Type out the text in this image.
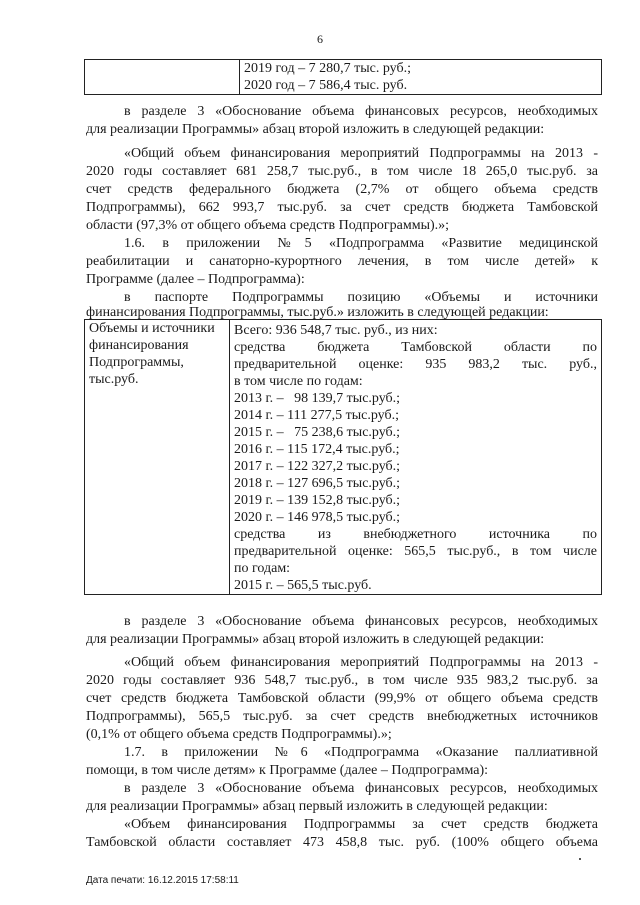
6

2019 год – 7 280,7 тыс. руб.;
2020 год – 7 586,4 тыс. руб.
в разделе 3 «Обоснование объема финансовых ресурсов, необходимых
для реализации Программы» абзац второй изложить в следующей редакции:
«Общий объем финансирования мероприятий Подпрограммы на 2013 -
2020 годы составляет 681 258,7 тыс.руб., в том числе 18 265,0 тыс.руб. за
счет средств федерального бюджета (2,7% от общего объема средств
Подпрограммы), 662 993,7 тыс.руб. за счет средств бюджета Тамбовской
области (97,3% от общего объема средств Подпрограммы).»;
1.6. в приложении №5 «Подпрограмма «Развитие медицинской
реабилитации и санаторно-курортного лечения, в том числе детей» к
Программе (далее – Подпрограмма):
в паспорте Подпрограммы позицию «Объемы и источники
финансирования Подпрограммы, тыс.руб.» изложить в следующей редакции:
Объемы и источники
финансирования
Подпрограммы,
тыс.руб.

Всего: 936 548,7 тыс. руб., из них:
средства бюджета Тамбовской области по
предварительной оценке: 935 983,2 тыс. руб.,
в том числе по годам:
2013 г. –   98 139,7 тыс.руб.;
2014 г. – 111 277,5 тыс.руб.;
2015 г. –   75 238,6 тыс.руб.;
2016 г. – 115 172,4 тыс.руб.;
2017 г. – 122 327,2 тыс.руб.;
2018 г. – 127 696,5 тыс.руб.;
2019 г. – 139 152,8 тыс.руб.;
2020 г. – 146 978,5 тыс.руб.;
средства из внебюджетного источника по
предварительной оценке: 565,5 тыс.руб., в том числе
по годам:
2015 г. – 565,5 тыс.руб.
в разделе 3 «Обоснование объема финансовых ресурсов, необходимых
для реализации Программы» абзац второй изложить в следующей редакции:
«Общий объем финансирования мероприятий Подпрограммы на 2013 -
2020 годы составляет 936 548,7 тыс.руб., в том числе 935 983,2 тыс.руб. за
счет средств бюджета Тамбовской области (99,9% от общего объема средств
Подпрограммы), 565,5 тыс.руб. за счет средств внебюджетных источников
(0,1% от общего объема средств Подпрограммы).»;
1.7. в приложении №6 «Подпрограмма «Оказание паллиативной
помощи, в том числе детям» к Программе (далее – Подпрограмма):
в разделе 3 «Обоснование объема финансовых ресурсов, необходимых
для реализации Программы» абзац первый изложить в следующей редакции:
«Объем финансирования Подпрограммы за счет средств бюджета
Тамбовской области составляет 473 458,8 тыс. руб. (100% общего объема
Дата печати: 16.12.2015 17:58:11
